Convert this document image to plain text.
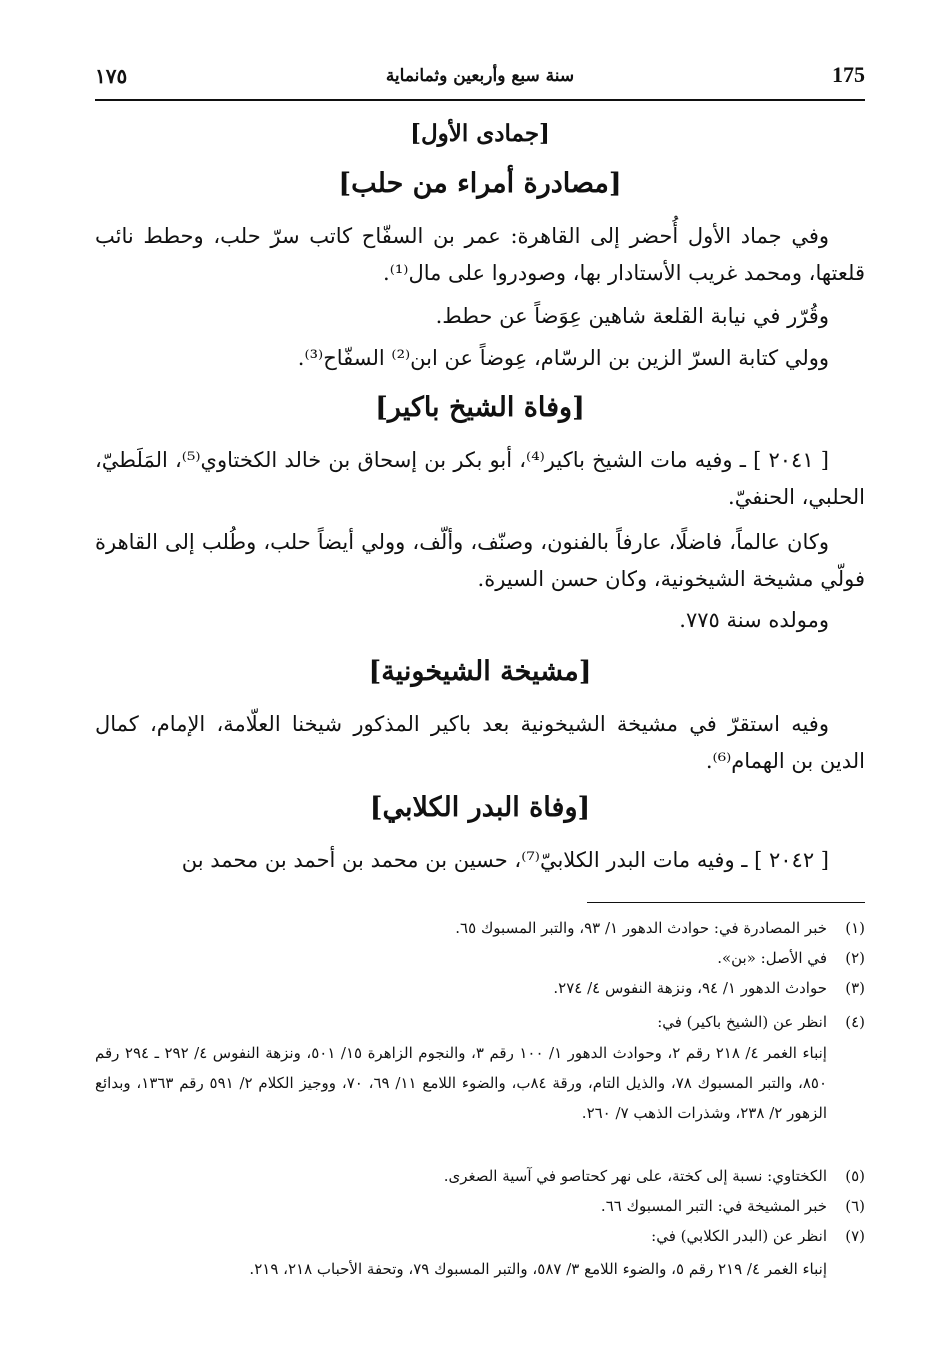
175
سنة سبع وأربعين وثمانماية
١٧٥
[جمادى الأول]
[مصادرة أمراء من حلب]
وفي جماد الأول أُحضر إلى القاهرة: عمر بن السفّاح كاتب سرّ حلب، وحطط نائب قلعتها، ومحمد غريب الأستادار بها، وصودروا على مال⁽¹⁾.
وقُرّر في نيابة القلعة شاهين عِوَضاً عن حطط.
وولي كتابة السرّ الزين بن الرسّام، عِوضاً عن ابن⁽²⁾ السفّاح⁽³⁾.
[وفاة الشيخ باكير]
[ ٢٠٤١ ] ـ وفيه مات الشيخ باكير⁽⁴⁾، أبو بكر بن إسحاق بن خالد الكختاوي⁽⁵⁾، المَلَطيّ، الحلبي، الحنفيّ.
وكان عالماً، فاضلًا، عارفاً بالفنون، وصنّف، وألّف، وولي أيضاً حلب، وطُلب إلى القاهرة فولّي مشيخة الشيخونية، وكان حسن السيرة.
ومولده سنة ٧٧٥.
[مشيخة الشيخونية]
وفيه استقرّ في مشيخة الشيخونية بعد باكير المذكور شيخنا العلّامة، الإمام، كمال الدين بن الهمام⁽⁶⁾.
[وفاة البدر الكلابي]
[ ٢٠٤٢ ] ـ وفيه مات البدر الكلابيّ⁽⁷⁾، حسين بن محمد بن أحمد بن محمد بن
(١)
خبر المصادرة في: حوادث الدهور ١/ ٩٣، والتبر المسبوك ٦٥.
(٢)
في الأصل: «بن».
(٣)
حوادث الدهور ١/ ٩٤، ونزهة النفوس ٤/ ٢٧٤.
(٤)
انظر عن (الشيخ باكير) في:
إنباء الغمر ٤/ ٢١٨ رقم ٢، وحوادث الدهور ١/ ١٠٠ رقم ٣، والنجوم الزاهرة ١٥/ ٥٠١، ونزهة النفوس ٤/ ٢٩٢ ـ ٢٩٤ رقم ٨٥٠، والتبر المسبوك ٧٨، والذيل التام، ورقة ٨٤ب، والضوء اللامع ١١/ ٦٩، ٧٠، ووجيز الكلام ٢/ ٥٩١ رقم ١٣٦٣، وبدائع الزهور ٢/ ٢٣٨، وشذرات الذهب ٧/ ٢٦٠.
(٥)
الكختاوي: نسبة إلى كختة، على نهر كحتاصو في آسية الصغرى.
(٦)
خبر المشيخة في: التبر المسبوك ٦٦.
(٧)
انظر عن (البدر الكلابي) في:
إنباء الغمر ٤/ ٢١٩ رقم ٥، والضوء اللامع ٣/ ٥٨٧، والتبر المسبوك ٧٩، وتحفة الأحباب ٢١٨، ٢١٩.
